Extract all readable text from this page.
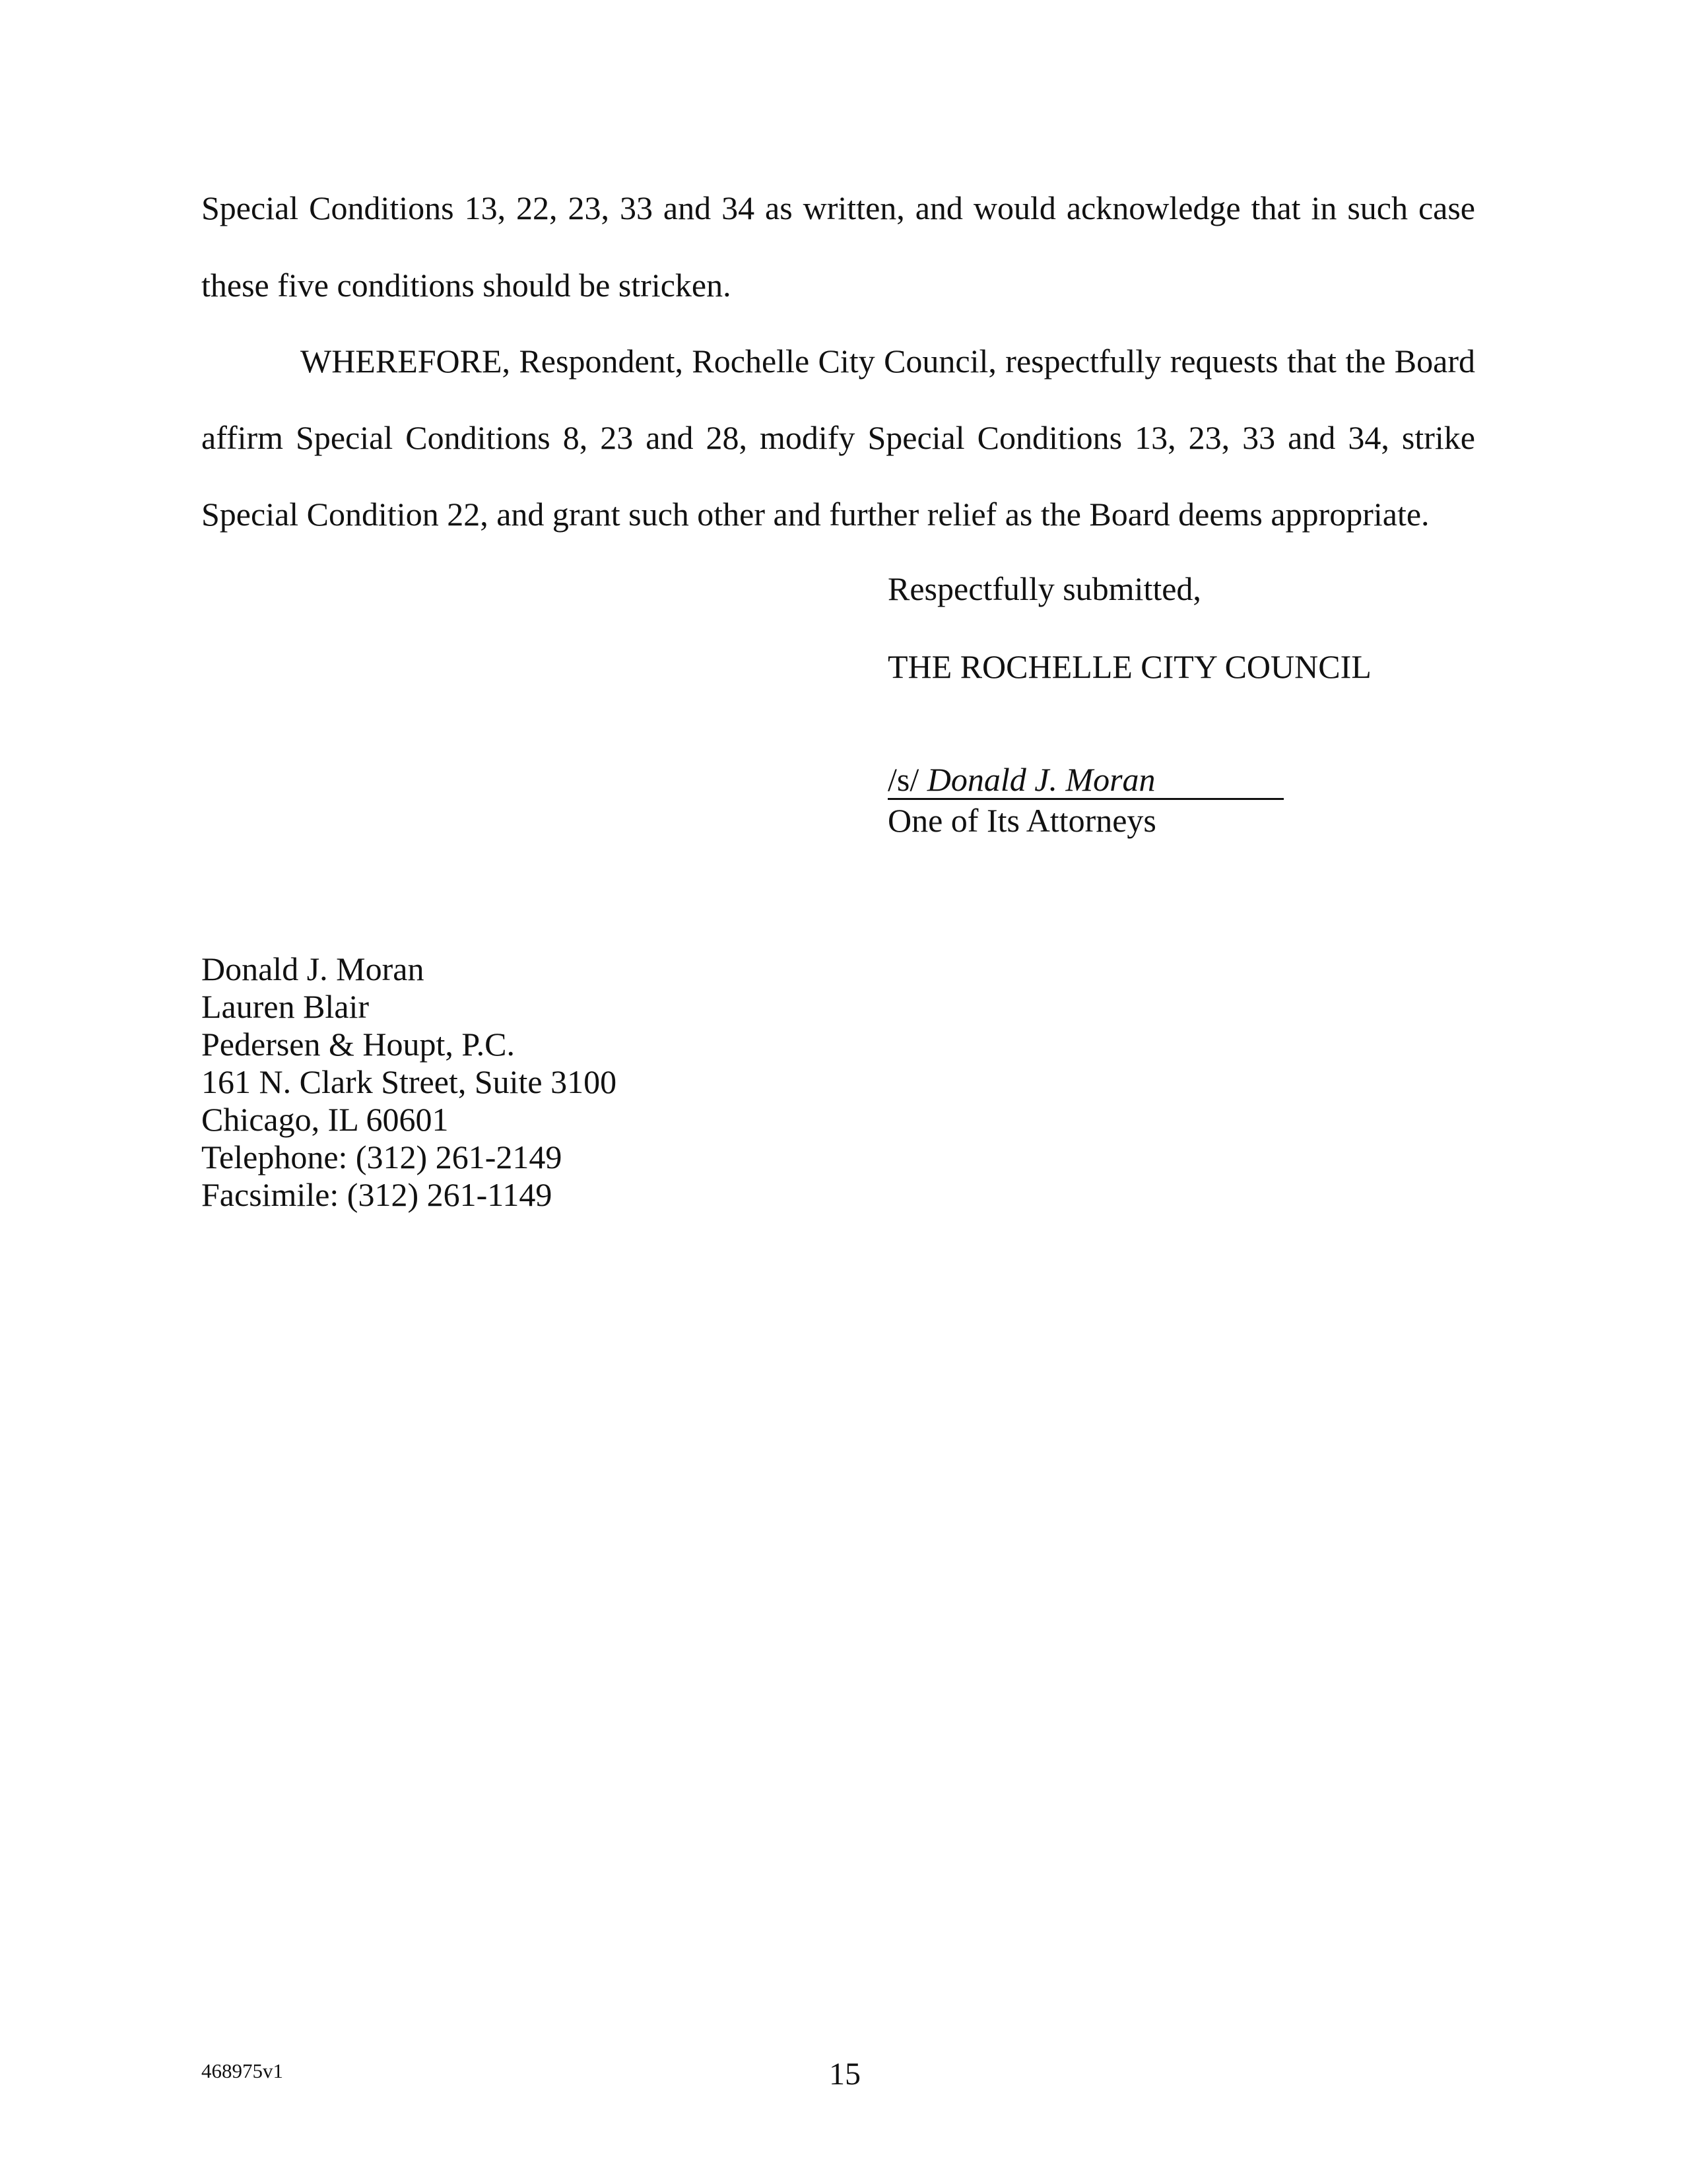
Special Conditions 13, 22, 23, 33 and 34 as written, and would acknowledge that in such case
these five conditions should be stricken.
WHEREFORE, Respondent, Rochelle City Council, respectfully requests that the Board
affirm Special Conditions 8, 23 and 28, modify Special Conditions 13, 23, 33 and 34, strike
Special Condition 22, and grant such other and further relief as the Board deems appropriate.
Respectfully submitted,
THE ROCHELLE CITY COUNCIL
/s/ Donald J. Moran
One of Its Attorneys
Donald J. Moran
Lauren Blair
Pedersen & Houpt, P.C.
161 N. Clark Street, Suite 3100
Chicago, IL 60601
Telephone: (312) 261-2149
Facsimile: (312) 261-1149
468975v1	15
